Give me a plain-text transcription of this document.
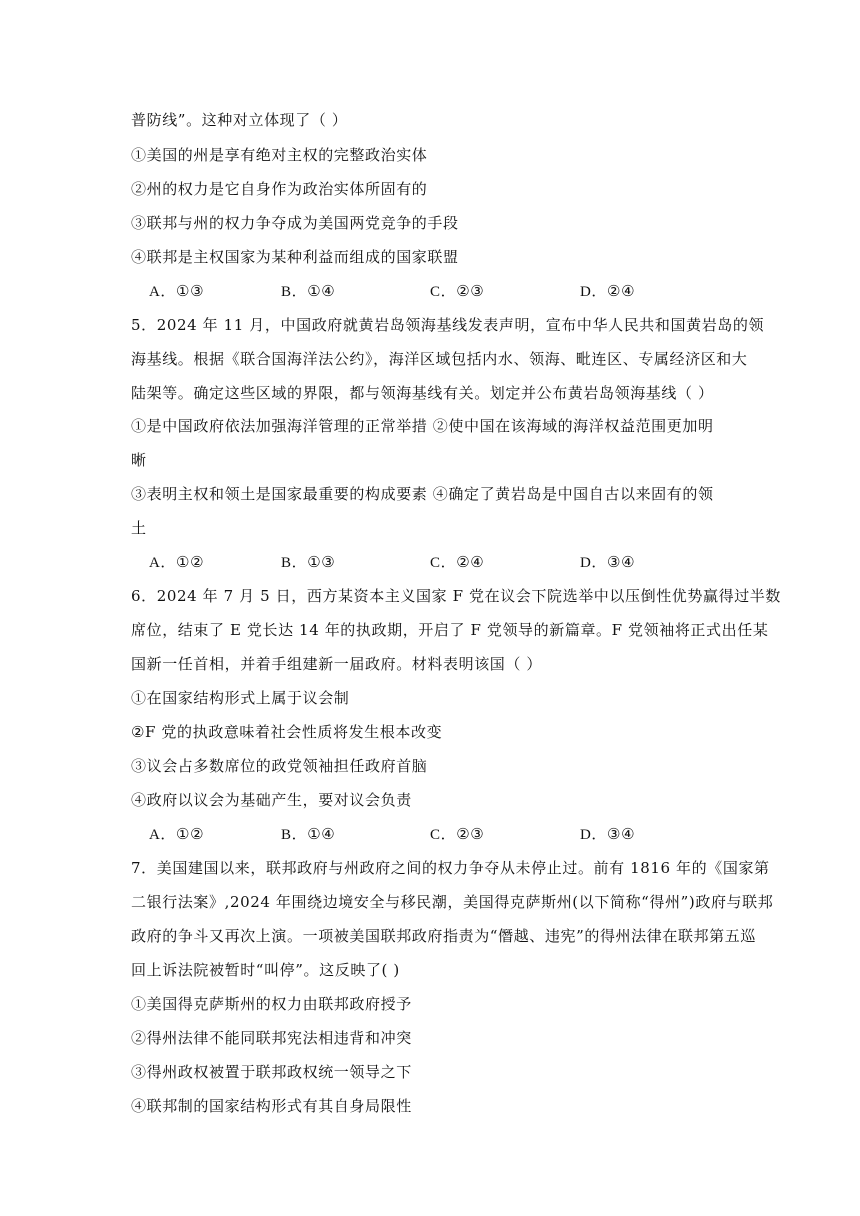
普防线”。这种对立体现了（ ）
①美国的州是享有绝对主权的完整政治实体
②州的权力是它自身作为政治实体所固有的
③联邦与州的权力争夺成为美国两党竞争的手段
④联邦是主权国家为某种利益而组成的国家联盟
A．①③	B．①④	C．②③	D．②④
5．2024 年 11 月，中国政府就黄岩岛领海基线发表声明，宣布中华人民共和国黄岩岛的领
海基线。根据《联合国海洋法公约》，海洋区域包括内水、领海、毗连区、专属经济区和大
陆架等。确定这些区域的界限，都与领海基线有关。划定并公布黄岩岛领海基线（ ）
①是中国政府依法加强海洋管理的正常举措 ②使中国在该海域的海洋权益范围更加明
晰
③表明主权和领土是国家最重要的构成要素 ④确定了黄岩岛是中国自古以来固有的领
土
A．①②	B．①③	C．②④	D．③④
6．2024 年 7 月 5 日，西方某资本主义国家 F 党在议会下院选举中以压倒性优势赢得过半数
席位，结束了 E 党长达 14 年的执政期，开启了 F 党领导的新篇章。F 党领袖将正式出任某
国新一任首相，并着手组建新一届政府。材料表明该国（ ）
①在国家结构形式上属于议会制
②F 党的执政意味着社会性质将发生根本改变
③议会占多数席位的政党领袖担任政府首脑
④政府以议会为基础产生，要对议会负责
A．①②	B．①④	C．②③	D．③④
7．美国建国以来，联邦政府与州政府之间的权力争夺从未停止过。前有 1816 年的《国家第
二银行法案》,2024 年围绕边境安全与移民潮，美国得克萨斯州(以下简称“得州”)政府与联邦
政府的争斗又再次上演。一项被美国联邦政府指责为“僭越、违宪”的得州法律在联邦第五巡
回上诉法院被暂时“叫停”。这反映了( )
①美国得克萨斯州的权力由联邦政府授予
②得州法律不能同联邦宪法相违背和冲突
③得州政权被置于联邦政权统一领导之下
④联邦制的国家结构形式有其自身局限性
